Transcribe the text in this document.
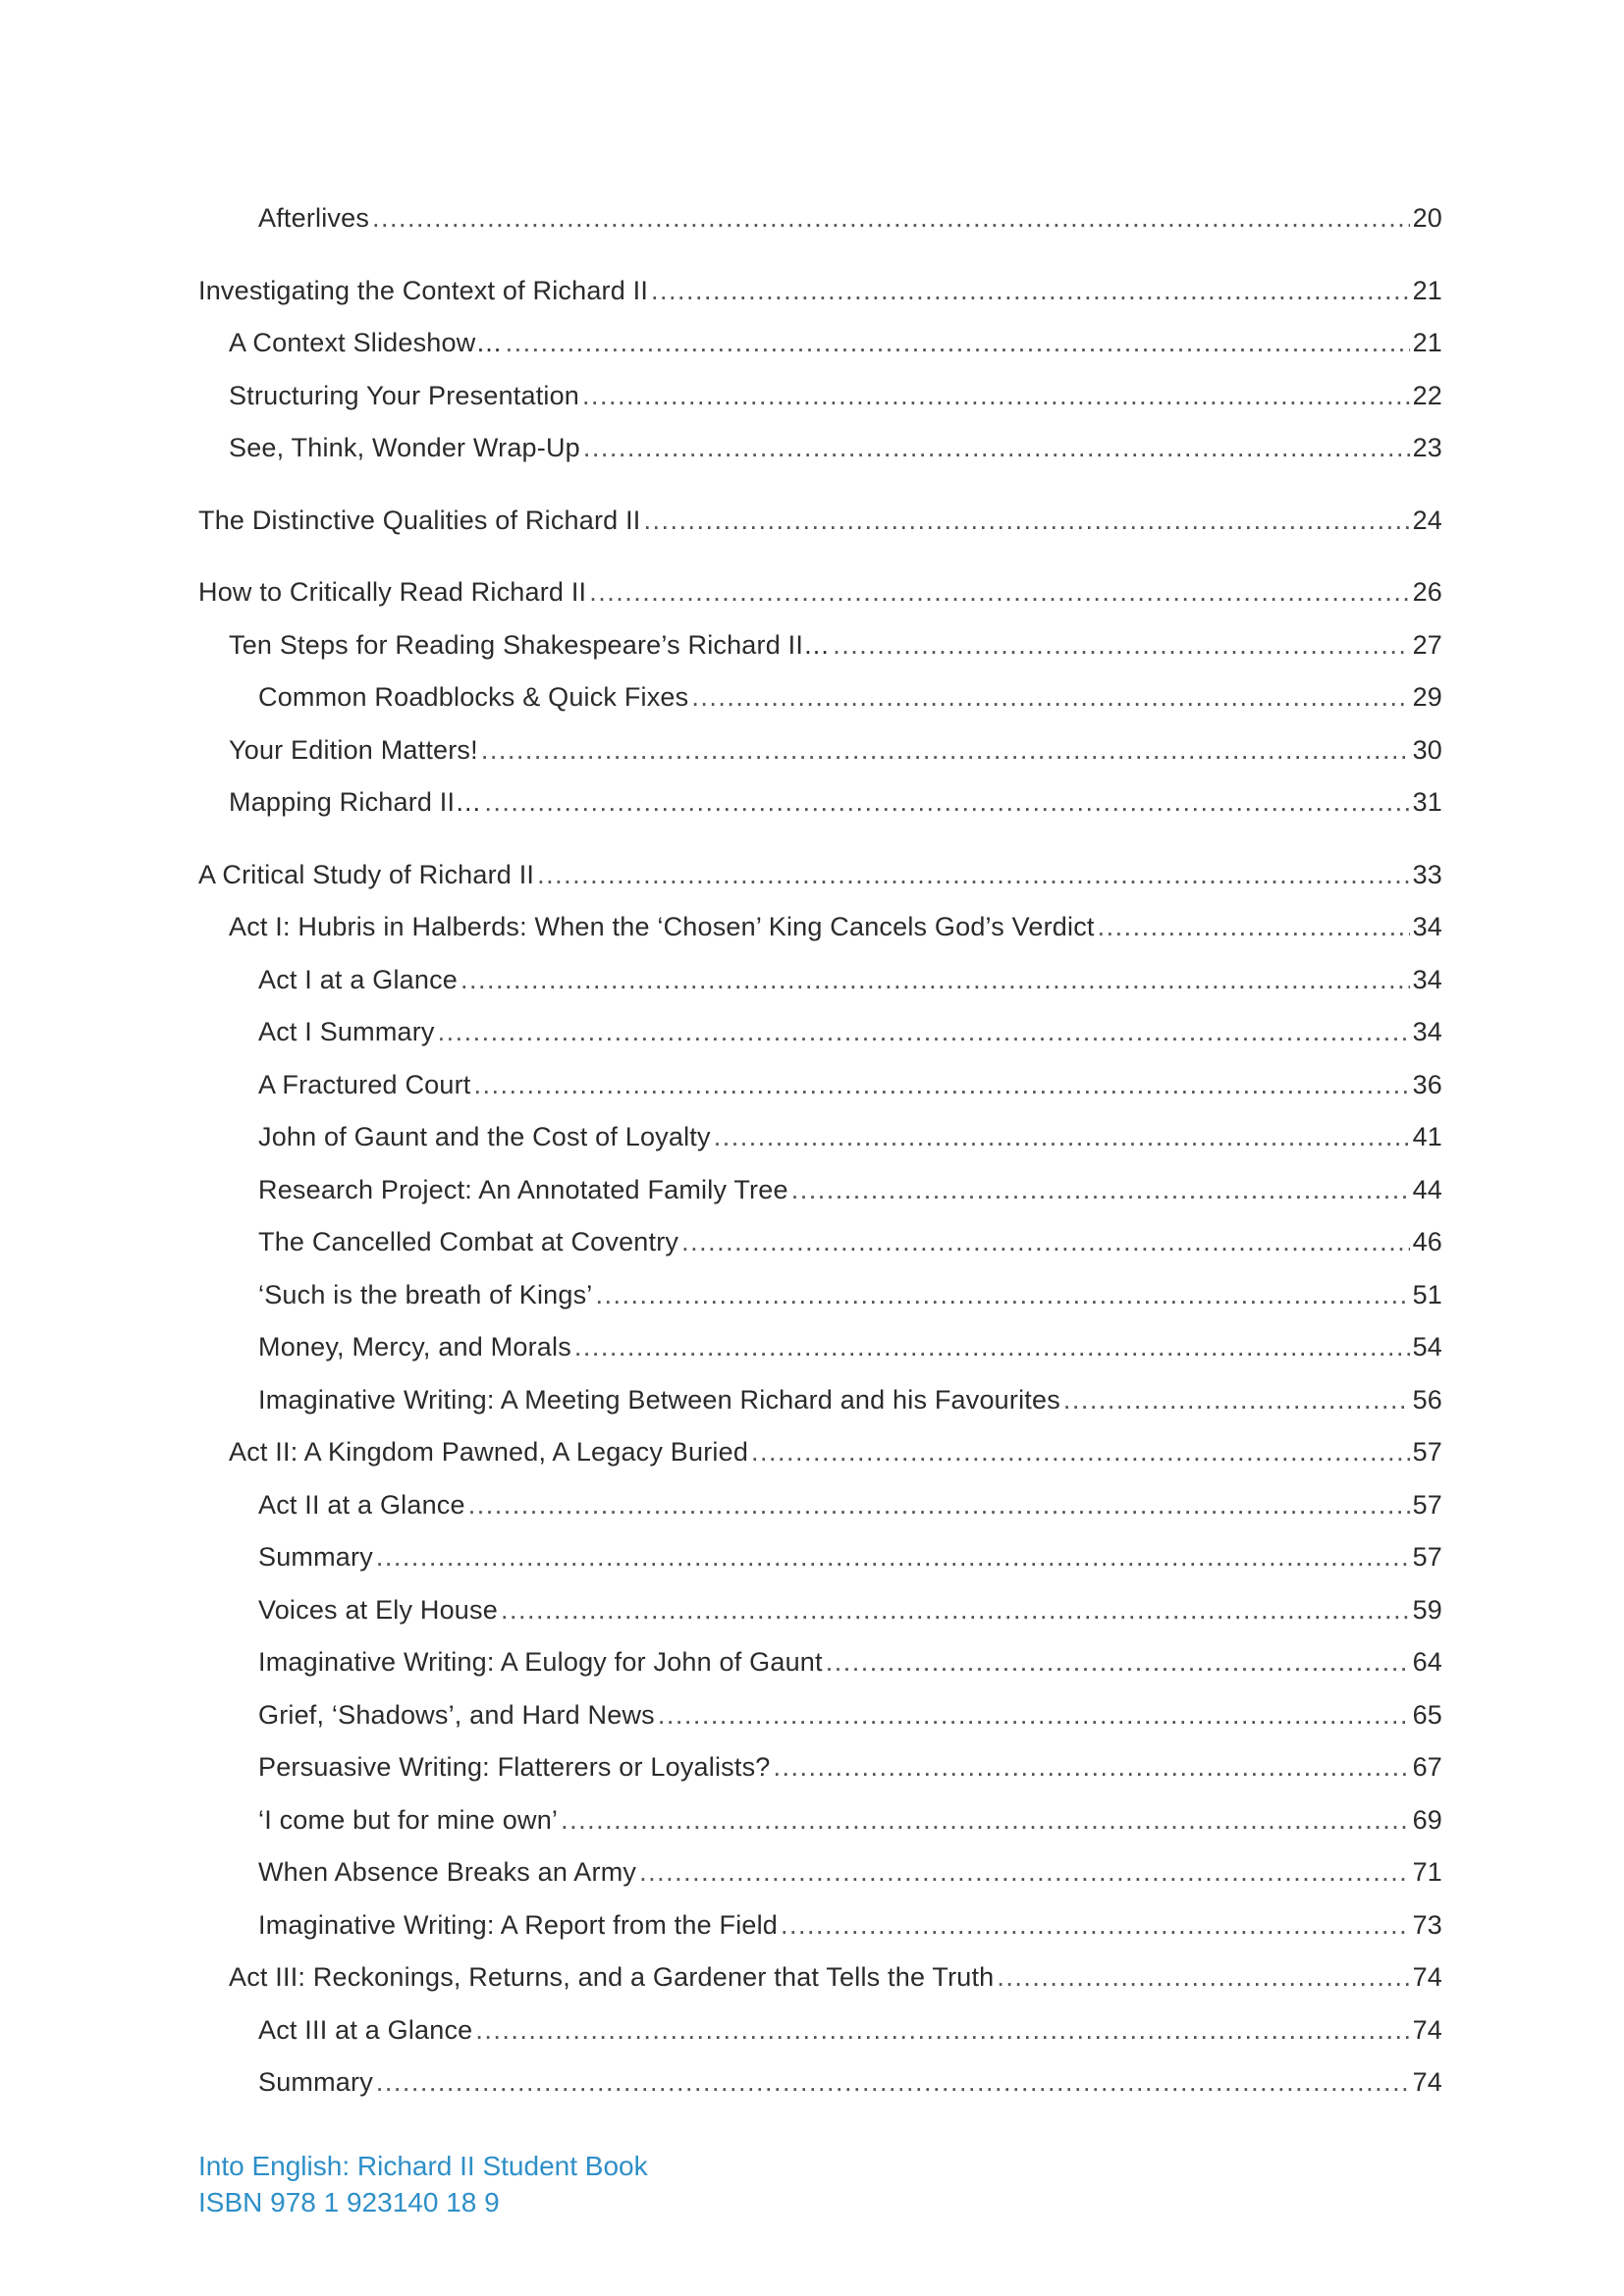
Afterlives .....	20
Investigating the Context of Richard II .....	21
A Context Slideshow… .....	21
Structuring Your Presentation .....	22
See, Think, Wonder Wrap-Up .....	23
The Distinctive Qualities of Richard II .....	24
How to Critically Read Richard II .....	26
Ten Steps for Reading Shakespeare’s Richard II… .....	27
Common Roadblocks & Quick Fixes .....	29
Your Edition Matters! .....	30
Mapping Richard II… .....	31
A Critical Study of Richard II .....	33
Act I: Hubris in Halberds: When the ‘Chosen’ King Cancels God’s Verdict .....	34
Act I at a Glance .....	34
Act I Summary .....	34
A Fractured Court .....	36
John of Gaunt and the Cost of Loyalty .....	41
Research Project: An Annotated Family Tree .....	44
The Cancelled Combat at Coventry .....	46
‘Such is the breath of Kings’ .....	51
Money, Mercy, and Morals .....	54
Imaginative Writing: A Meeting Between Richard and his Favourites .....	56
Act II: A Kingdom Pawned, A Legacy Buried .....	57
Act II at a Glance .....	57
Summary .....	57
Voices at Ely House .....	59
Imaginative Writing: A Eulogy for John of Gaunt .....	64
Grief, ‘Shadows’, and Hard News .....	65
Persuasive Writing: Flatterers or Loyalists? .....	67
‘I come but for mine own’ .....	69
When Absence Breaks an Army .....	71
Imaginative Writing: A Report from the Field .....	73
Act III: Reckonings, Returns, and a Gardener that Tells the Truth .....	74
Act III at a Glance .....	74
Summary .....	74
Into English: Richard II Student Book
ISBN 978 1 923140 18 9
